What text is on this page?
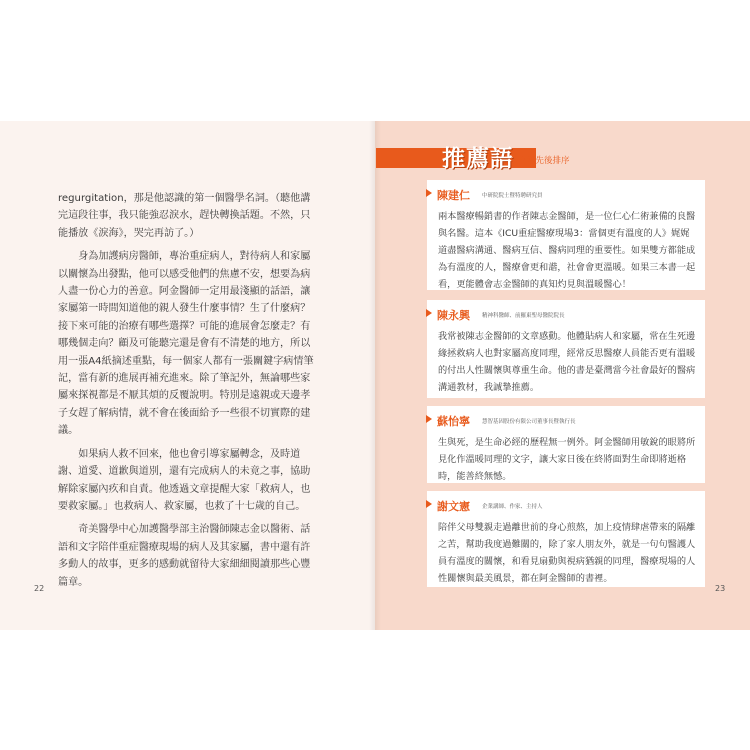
regurgitation，那是他認識的第一個醫學名詞。（聽他講完這段往事，我只能強忍淚水，趕快轉換話題。不然，只能播放《淚海》，哭完再訪了。）

身為加護病房醫師，專治重症病人，對待病人和家屬以關懷為出發點，他可以感受他們的焦慮不安，想要為病人盡一份心力的善意。阿金醫師一定用最淺顯的話語，讓家屬第一時間知道他的親人發生什麼事情？生了什麼病？接下來可能的治療有哪些選擇？可能的進展會怎麼走？有哪幾個走向？顧及可能聽完還是會有不清楚的地方，所以用一張A4紙摘述重點，每一個家人都有一張關鍵字病情筆記，當有新的進展再補充進來。除了筆記外，無論哪些家屬來探視都是不厭其煩的反覆說明。特別是遠親或天邊孝子女趕了解病情，就不會在後面給予一些很不切實際的建議。

如果病人救不回來，他也會引導家屬轉念，及時道謝、道愛、道歉與道別，還有完成病人的未竟之事，協助解除家屬內疚和自責。他透過文章提醒大家「救病人，也要救家屬。」也救病人、救家屬，也救了十七歲的自己。

奇美醫學中心加護醫學部主治醫師陳志金以醫術、話語和文字陪伴重症醫療現場的病人及其家屬，書中還有許多動人的故事，更多的感動就留待大家細細閱讀那些心豐篇章。

22	23
推薦語
依交稿先後排序
陳建仁 中研院院士暨特聘研究員
兩本醫療暢銷書的作者陳志金醫師，是一位仁心仁術兼備的良醫與名醫。這本《ICU重症醫療現場3：當個更有溫度的人》娓娓道盡醫病溝通、醫病互信、醫病同理的重要性。如果雙方都能成為有溫度的人，醫療會更和諧，社會會更溫暖。如果三本書一起看，更能體會志金醫師的真知灼見與溫暖醫心！
陳永興 精神科醫師、前羅東聖母醫院院長
我常被陳志金醫師的文章感動。他體貼病人和家屬，常在生死邊緣拯救病人也對家屬高度同理，經常反思醫療人員能否更有溫暖的付出人性關懷與尊重生命。他的書是臺灣當今社會最好的醫病溝通教材，我誠摯推薦。
蘇怡寧 慧智基因股份有限公司董事長暨執行長
生與死，是生命必經的歷程無一例外。阿金醫師用敏銳的眼將所見化作溫暖同理的文字，讓大家日後在終將面對生命即將逝格時，能善終無憾。
謝文憲 企業講師、作家、主持人
陪伴父母雙親走過離世前的身心煎熬，加上疫情肆虐帶來的隔離之苦，幫助我度過難關的，除了家人朋友外，就是一句句醫護人員有溫度的關懷，和看見扇動與視病猶親的同理，醫療現場的人性關懷與最美風景，都在阿金醫師的書裡。
